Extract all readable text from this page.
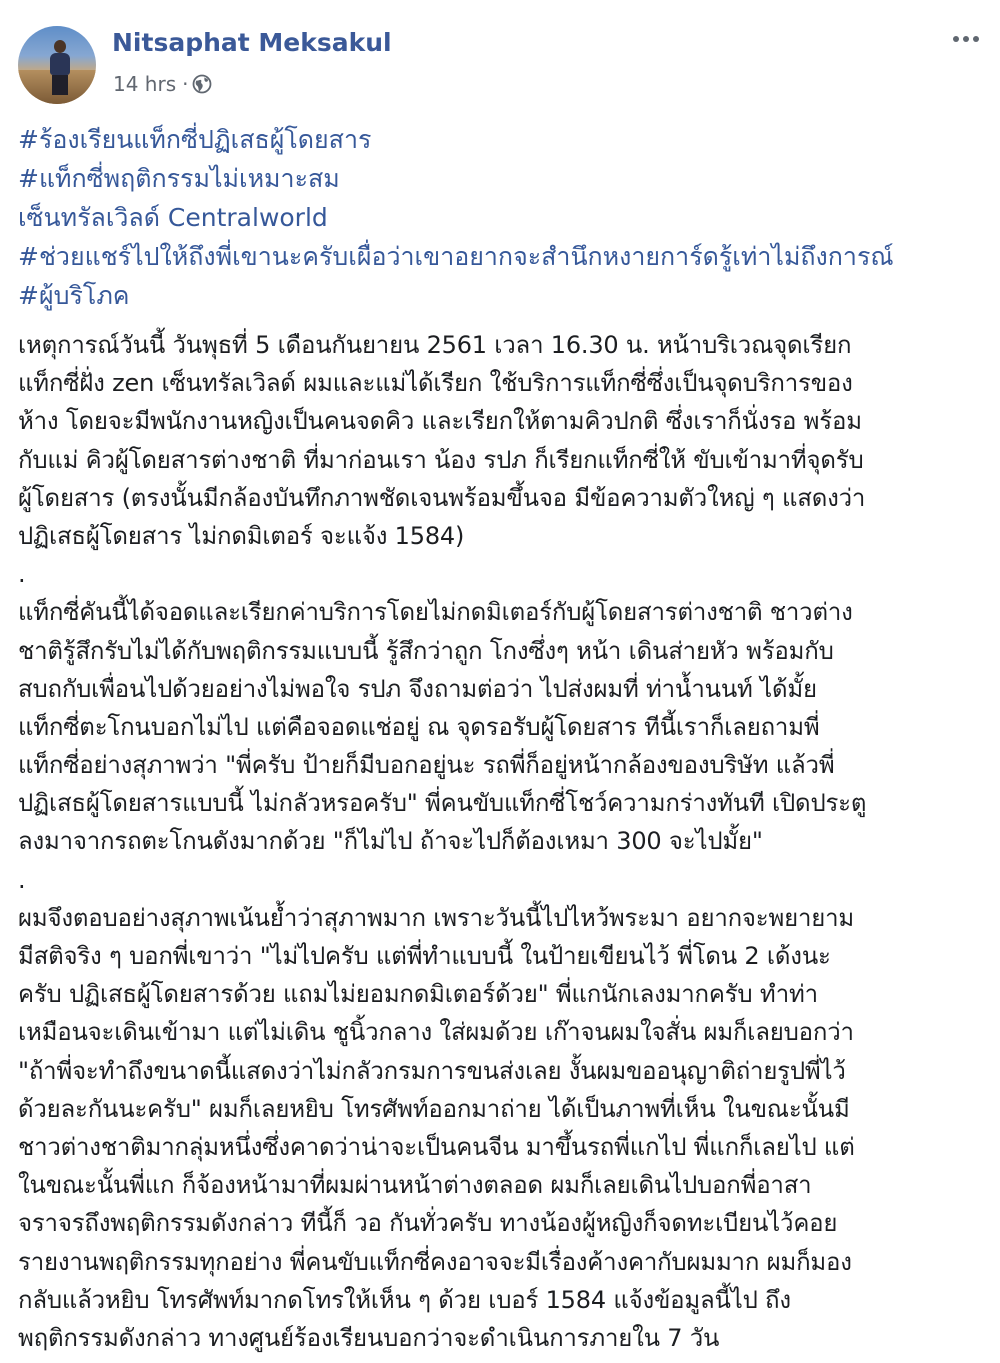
Nitsaphat Meksakul
14 hrs ·
#ร้องเรียนแท็กซี่ปฏิเสธผู้โดยสาร
#แท็กซี่พฤติกรรมไม่เหมาะสม
เซ็นทรัลเวิลด์ Centralworld
#ช่วยแชร์ไปให้ถึงพี่เขานะครับเผื่อว่าเขาอยากจะสำนึกหงายการ์ดรู้เท่าไม่ถึงการณ์
#ผู้บริโภค
เหตุการณ์วันนี้ วันพุธที่ 5 เดือนกันยายน 2561 เวลา 16.30 น. หน้าบริเวณจุดเรียก
แท็กซี่ฝั่ง zen เซ็นทรัลเวิลด์ ผมและแม่ได้เรียก ใช้บริการแท็กซี่ซึ่งเป็นจุดบริการของ
ห้าง โดยจะมีพนักงานหญิงเป็นคนจดคิว และเรียกให้ตามคิวปกติ ซึ่งเราก็นั่งรอ พร้อม
กับแม่ คิวผู้โดยสารต่างชาติ ที่มาก่อนเรา น้อง รปภ ก็เรียกแท็กซี่ให้ ขับเข้ามาที่จุดรับ
ผู้โดยสาร (ตรงนั้นมีกล้องบันทึกภาพชัดเจนพร้อมขึ้นจอ มีข้อความตัวใหญ่ ๆ แสดงว่า
ปฏิเสธผู้โดยสาร ไม่กดมิเตอร์ จะแจ้ง 1584)
.
แท็กซี่คันนี้ได้จอดและเรียกค่าบริการโดยไม่กดมิเตอร์กับผู้โดยสารต่างชาติ ชาวต่าง
ชาติรู้สึกรับไม่ได้กับพฤติกรรมแบบนี้ รู้สึกว่าถูก โกงซึ่งๆ หน้า เดินส่ายหัว พร้อมกับ
สบถกับเพื่อนไปด้วยอย่างไม่พอใจ รปภ จึงถามต่อว่า ไปส่งผมที่ ท่าน้ำนนท์ ได้มั้ย
แท็กซี่ตะโกนบอกไม่ไป แต่คือจอดแช่อยู่ ณ จุดรอรับผู้โดยสาร ทีนี้เราก็เลยถามพี่
แท็กซี่อย่างสุภาพว่า "พี่ครับ ป้ายก็มีบอกอยู่นะ รถพี่ก็อยู่หน้ากล้องของบริษัท แล้วพี่
ปฏิเสธผู้โดยสารแบบนี้ ไม่กลัวหรอครับ" พี่คนขับแท็กซี่โชว์ความกร่างทันที เปิดประตู
ลงมาจากรถตะโกนดังมากด้วย "ก็ไม่ไป ถ้าจะไปก็ต้องเหมา 300 จะไปมั้ย"
.
ผมจึงตอบอย่างสุภาพเน้นย้ำว่าสุภาพมาก เพราะวันนี้ไปไหว้พระมา อยากจะพยายาม
มีสติจริง ๆ บอกพี่เขาว่า "ไม่ไปครับ แต่พี่ทำแบบนี้ ในป้ายเขียนไว้ พี่โดน 2 เด้งนะ
ครับ ปฏิเสธผู้โดยสารด้วย แถมไม่ยอมกดมิเตอร์ด้วย" พี่แกนักเลงมากครับ ทำท่า
เหมือนจะเดินเข้ามา แต่ไม่เดิน ชูนิ้วกลาง ใส่ผมด้วย เก๊าจนผมใจสั่น ผมก็เลยบอกว่า
"ถ้าพี่จะทำถึงขนาดนี้แสดงว่าไม่กลัวกรมการขนส่งเลย งั้นผมขออนุญาติถ่ายรูปพี่ไว้
ด้วยละกันนะครับ" ผมก็เลยหยิบ โทรศัพท์ออกมาถ่าย ได้เป็นภาพที่เห็น ในขณะนั้นมี
ชาวต่างชาติมากลุ่มหนึ่งซึ่งคาดว่าน่าจะเป็นคนจีน มาขึ้นรถพี่แกไป พี่แกก็เลยไป แต่
ในขณะนั้นพี่แก ก็จ้องหน้ามาที่ผมผ่านหน้าต่างตลอด ผมก็เลยเดินไปบอกพี่อาสา
จราจรถึงพฤติกรรมดังกล่าว ทีนี้ก็ วอ กันทั่วครับ ทางน้องผู้หญิงก็จดทะเบียนไว้คอย
รายงานพฤติกรรมทุกอย่าง พี่คนขับแท็กซี่คงอาจจะมีเรื่องค้างคากับผมมาก ผมก็มอง
กลับแล้วหยิบ โทรศัพท์มากดโทรให้เห็น ๆ ด้วย เบอร์ 1584 แจ้งข้อมูลนี้ไป ถึง
พฤติกรรมดังกล่าว ทางศูนย์ร้องเรียนบอกว่าจะดำเนินการภายใน 7 วัน
